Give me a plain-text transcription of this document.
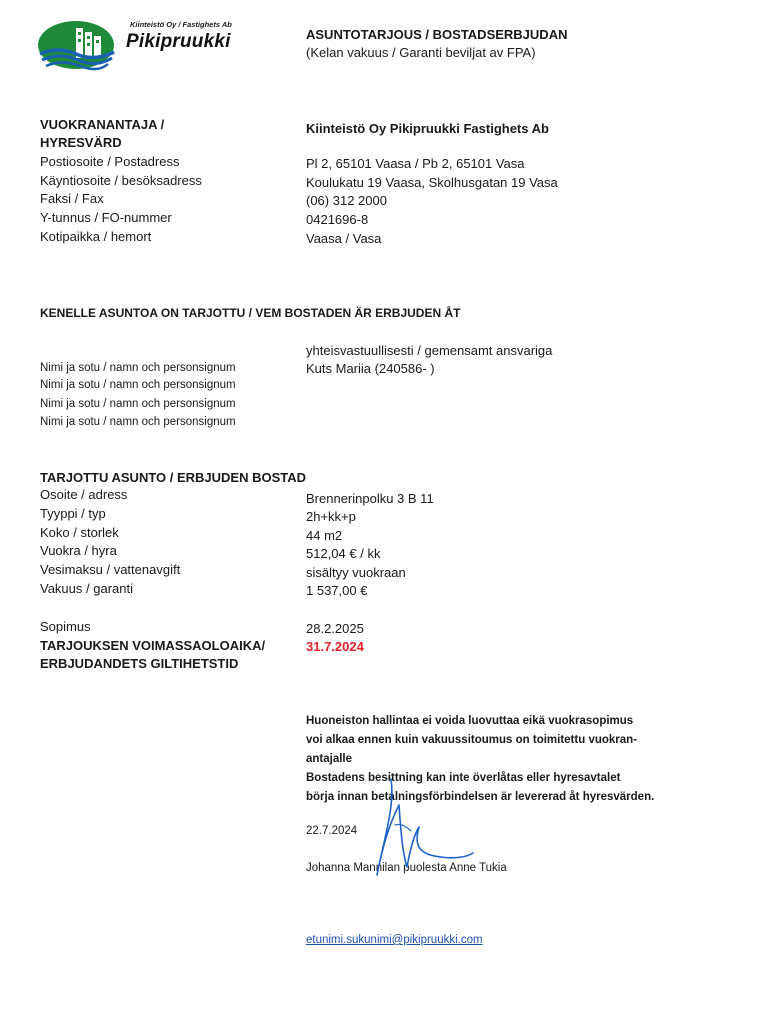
Kiinteistö Oy / Fastighets Ab
Pikipruukki	ASUNTOTARJOUS / BOSTADSERBJUDAN
(Kelan vakuus / Garanti beviljat av FPA)
VUOKRANANTAJA /
HYRESVÄRD
Kiinteistö Oy Pikipruukki Fastighets Ab
Postiosoite / Postadress	Pl 2, 65101 Vaasa / Pb 2, 65101 Vasa
Käyntiosoite / besöksadress	Koulukatu 19 Vaasa, Skolhusgatan 19 Vasa
Faksi / Fax	(06) 312 2000
Y-tunnus / FO-nummer	0421696-8
Kotipaikka / hemort	Vaasa / Vasa
KENELLE ASUNTOA ON TARJOTTU / VEM BOSTADEN ÄR ERBJUDEN ÅT
yhteisvastuullisesti / gemensamt ansvariga
Nimi ja sotu / namn och personsignum	Kuts Mariia (240586- )
Nimi ja sotu / namn och personsignum
Nimi ja sotu / namn och personsignum
Nimi ja sotu / namn och personsignum
TARJOTTU ASUNTO / ERBJUDEN BOSTAD
Osoite / adress	Brennerinpolku 3 B 11
Tyyppi / typ	2h+kk+p
Koko / storlek	44 m2
Vuokra / hyra	512,04 € / kk
Vesimaksu / vattenavgift	sisältyy vuokraan
Vakuus / garanti	1 537,00 €
Sopimus	28.2.2025
TARJOUKSEN VOIMASSAOLOAIKA/	31.7.2024
ERBJUDANDETS GILTIHETSTID
Huoneiston hallintaa ei voida luovuttaa eikä vuokrasopimus
voi alkaa ennen kuin vakuussitoumus on toimitettu vuokran-
antajalle
Bostadens besittning kan inte överlåtas eller hyresavtalet
börja innan betalningsförbindelsen är levererad åt hyresvärden.
22.7.2024
Johanna Mannilan puolesta Anne Tukia
etunimi.sukunimi@pikipruukki.com
